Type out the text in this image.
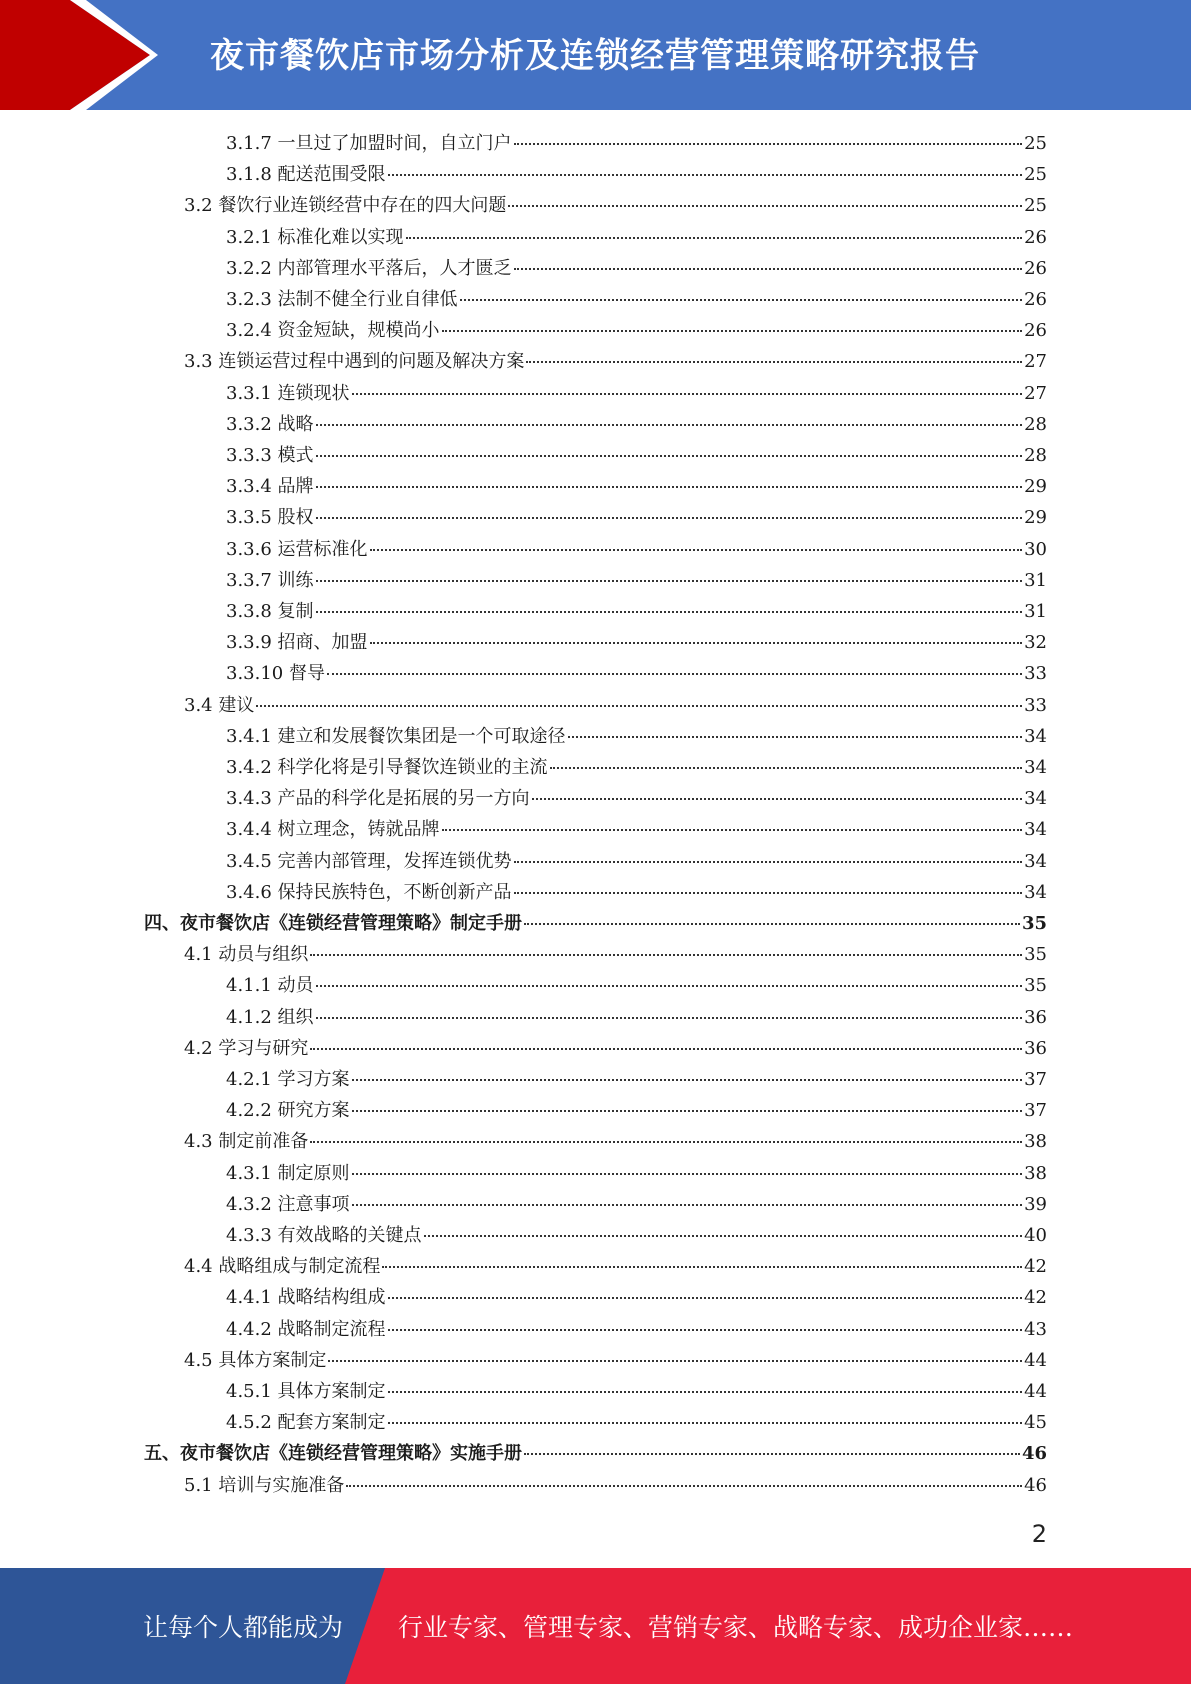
夜市餐饮店市场分析及连锁经营管理策略研究报告
3.1.7 一旦过了加盟时间，自立门户	25
3.1.8 配送范围受限	25
3.2 餐饮行业连锁经营中存在的四大问题	25
3.2.1 标准化难以实现	26
3.2.2 内部管理水平落后，人才匮乏	26
3.2.3 法制不健全行业自律低	26
3.2.4 资金短缺，规模尚小	26
3.3 连锁运营过程中遇到的问题及解决方案	27
3.3.1 连锁现状	27
3.3.2 战略	28
3.3.3 模式	28
3.3.4 品牌	29
3.3.5 股权	29
3.3.6 运营标准化	30
3.3.7 训练	31
3.3.8 复制	31
3.3.9 招商、加盟	32
3.3.10 督导	33
3.4 建议	33
3.4.1 建立和发展餐饮集团是一个可取途径	34
3.4.2 科学化将是引导餐饮连锁业的主流	34
3.4.3 产品的科学化是拓展的另一方向	34
3.4.4 树立理念，铸就品牌	34
3.4.5 完善内部管理，发挥连锁优势	34
3.4.6 保持民族特色，不断创新产品	34
四、夜市餐饮店《连锁经营管理策略》制定手册	35
4.1 动员与组织	35
4.1.1 动员	35
4.1.2 组织	36
4.2 学习与研究	36
4.2.1 学习方案	37
4.2.2 研究方案	37
4.3 制定前准备	38
4.3.1 制定原则	38
4.3.2 注意事项	39
4.3.3 有效战略的关键点	40
4.4 战略组成与制定流程	42
4.4.1 战略结构组成	42
4.4.2 战略制定流程	43
4.5 具体方案制定	44
4.5.1 具体方案制定	44
4.5.2 配套方案制定	45
五、夜市餐饮店《连锁经营管理策略》实施手册	46
5.1 培训与实施准备	46
2
让每个人都能成为 行业专家、管理专家、营销专家、战略专家、成功企业家……
